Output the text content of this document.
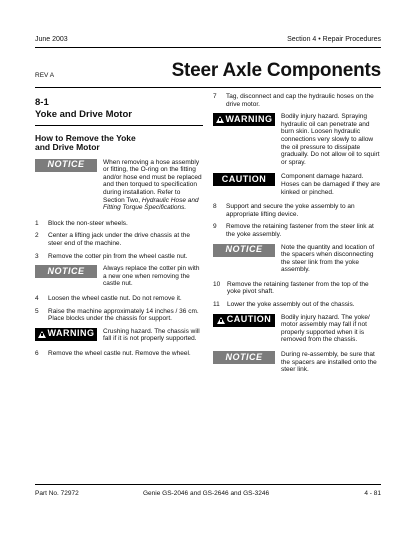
June 2003	Section 4 • Repair Procedures
REV A	Steer Axle Components
8-1
Yoke and Drive Motor
How to Remove the Yoke
and Drive Motor
NOTICE	When removing a hose assembly or fitting, the O-ring on the fitting and/or hose end must be replaced and then torqued to specification during installation. Refer to Section Two, Hydraulic Hose and Fitting Torque Specifications.
1 Block the non-steer wheels.
2 Center a lifting jack under the drive chassis at the steer end of the machine.
3 Remove the cotter pin from the wheel castle nut.
NOTICE	Always replace the cotter pin with a new one when removing the castle nut.
4 Loosen the wheel castle nut. Do not remove it.
5 Raise the machine approximately 14 inches / 36 cm. Place blocks under the chassis for support.
WARNING Crushing hazard. The chassis will fall if it is not properly supported.
6 Remove the wheel castle nut. Remove the wheel.
7 Tag, disconnect and cap the hydraulic hoses on the drive motor.
WARNING Bodily injury hazard. Spraying hydraulic oil can penetrate and burn skin. Loosen hydraulic connections very slowly to allow the oil pressure to dissipate gradually. Do not allow oil to squirt or spray.
CAUTION	Component damage hazard. Hoses can be damaged if they are kinked or pinched.
8 Support and secure the yoke assembly to an appropriate lifting device.
9 Remove the retaining fastener from the steer link at the yoke assembly.
NOTICE	Note the quantity and location of the spacers when disconnecting the steer link from the yoke assembly.
10 Remove the retaining fastener from the top of the yoke pivot shaft.
11 Lower the yoke assembly out of the chassis.
CAUTION Bodily injury hazard. The yoke/ motor assembly may fall if not properly supported when it is removed from the chassis.
NOTICE	During re-assembly, be sure that the spacers are installed onto the steer link.
Part No. 72972	Genie GS-2046 and GS-2646 and GS-3246	4 - 81
